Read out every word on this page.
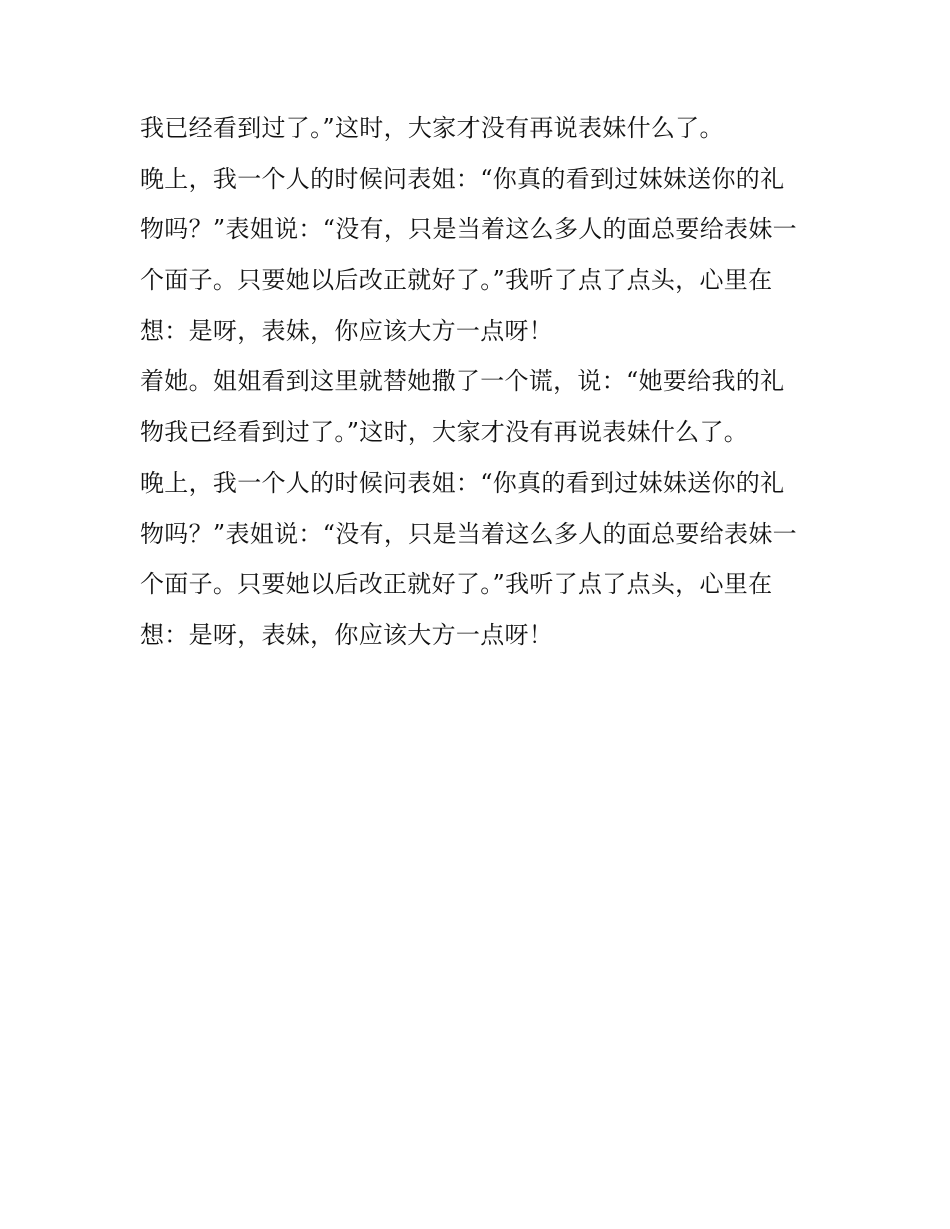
我已经看到过了。”这时，大家才没有再说表妹什么了。
晚上，我一个人的时候问表姐：“你真的看到过妹妹送你的礼
物吗？”表姐说：“没有，只是当着这么多人的面总要给表妹一
个面子。只要她以后改正就好了。”我听了点了点头，心里在
想：是呀，表妹，你应该大方一点呀！
着她。姐姐看到这里就替她撒了一个谎，说：“她要给我的礼
物我已经看到过了。”这时，大家才没有再说表妹什么了。
晚上，我一个人的时候问表姐：“你真的看到过妹妹送你的礼
物吗？”表姐说：“没有，只是当着这么多人的面总要给表妹一
个面子。只要她以后改正就好了。”我听了点了点头，心里在
想：是呀，表妹，你应该大方一点呀！
